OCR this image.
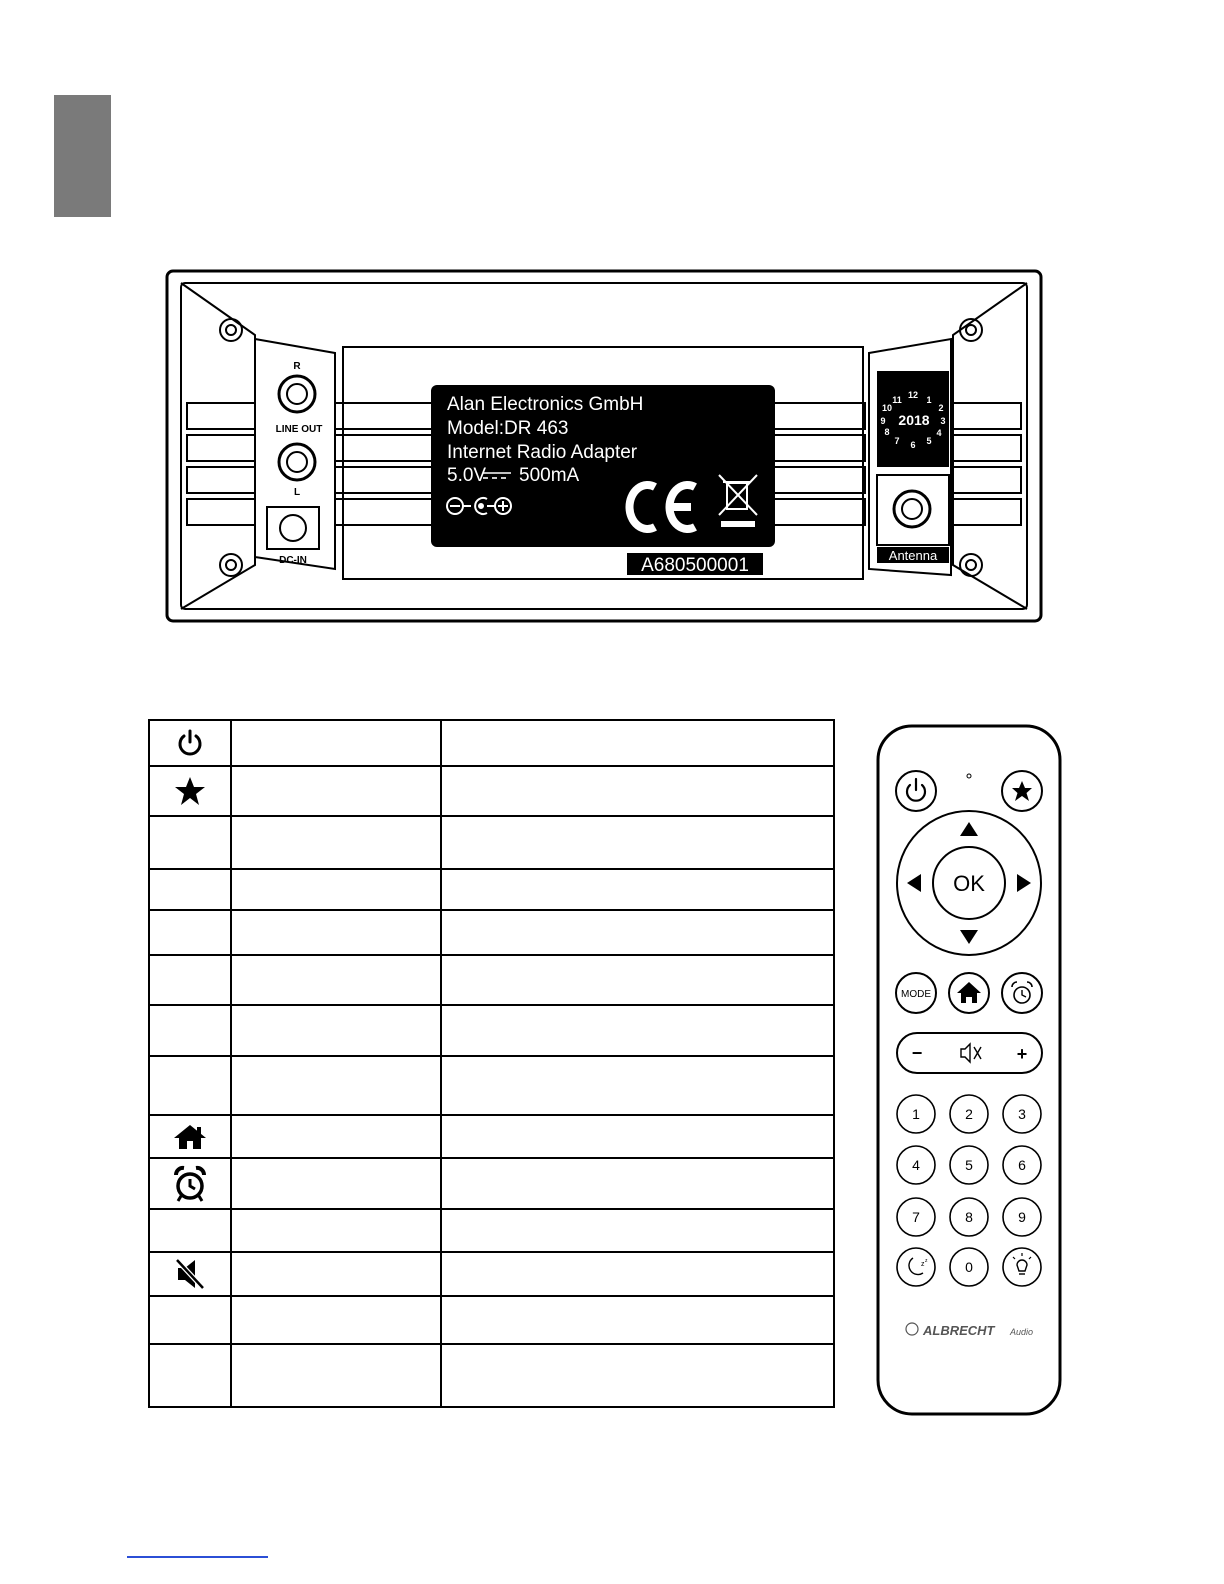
R
LINE OUT
L
DC-IN
12 1
2
3
4
5
6
7
8
9
10
11
2018
Antenna
Alan Electronics GmbH
Model:DR 463
Internet Radio Adapter
5.0V 500mA
A680500001

OK
MODE
−	+
1	2	3
4	5	6
7	8	9
0
z z
ALBRECHT Audio
